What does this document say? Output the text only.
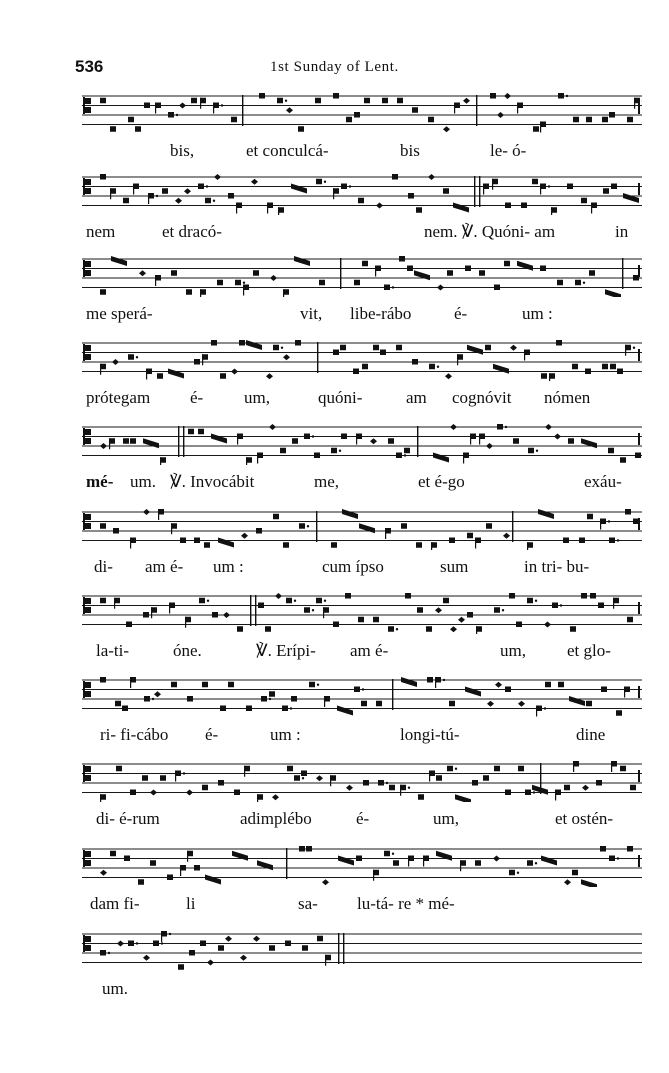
536	1st Sunday of Lent.
bis,	et conculcá-	bis	le- ó-
nem	et dracó-	nem. ℣. Quóni- am	in
me sperá-	vit, libe-rábo	é-	um :
prótegam é- um,	quóni-	am cognóvit nómen
mé- um. ℣. Invocábit	me,	et é-go	exáu-
di- am é- um :	cum ípso	sum	in tri- bu-
la-ti-	óne.	℣. Erípi- am é-	um, et glo-
ri- fi-cábo é-	um :	longi-tú-	dine
di- é-rum	adimplébo	é-	um,	et ostén-
dam fi-	li	sa- lu-tá- re * mé-
um.
